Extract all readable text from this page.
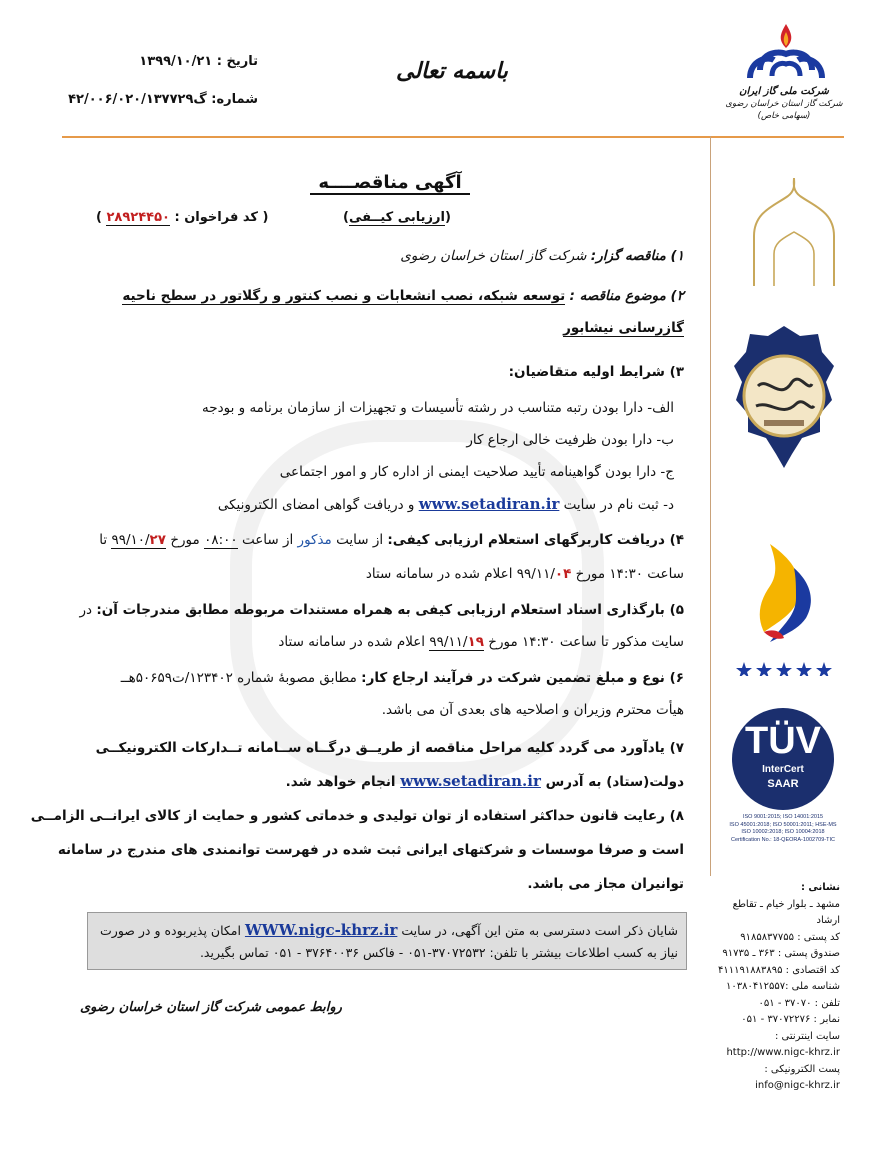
شرکت ملی گاز ایران
شرکت گاز استان خراسان رضوی (سهامی خاص)
باسمه تعالی
تاریخ : ۱۳۹۹/۱۰/۲۱
شماره: گ۴۲/۰۰۶/۰۲۰/۱۳۷۷۲۹
TÜV
InterCert
SAAR
ISO 9001:2015; ISO 14001:2015
ISO 45001:2018; ISO 50001:2011; HSE-MS
ISO 10002:2018; ISO 10004:2018
Certification No.: 18-QEORA-1002709-TIC
آگهی مناقصــــه
(ارزیابی کیــفی)
( کد فراخوان : ۲۸۹۲۴۴۵۰ )
۱) مناقصه گزار: شرکت گاز استان خراسان رضوی
۲) موضوع مناقصه : توسعه شبکه، نصب انشعابات و نصب کنتور و رگلاتور در سطح ناحیه
گازرسانی نیشابور
۳) شرایط اولیه متقاضیان:
الف- دارا بودن رتبه متناسب در رشته تأسیسات و تجهیزات از سازمان برنامه و بودجه
ب- دارا بودن ظرفیت خالی ارجاع کار
ج- دارا بودن گواهینامه تأیید صلاحیت ایمنی از اداره کار و امور اجتماعی
د- ثبت نام در سایت www.setadiran.ir و دریافت گواهی امضای الکترونیکی
۴) دریافت کاربرگهای استعلام ارزیابی کیفی: از سایت مذکور از ساعت ۰۸:۰۰ مورخ ۹۹/۱۰/۲۷ تا
ساعت ۱۴:۳۰ مورخ ۹۹/۱۱/۰۴ اعلام شده در سامانه ستاد
۵) بارگذاری اسناد استعلام ارزیابی کیفی به همراه مستندات مربوطه مطابق مندرجات آن: در
سایت مذکور تا ساعت ۱۴:۳۰ مورخ ۹۹/۱۱/۱۹ اعلام شده در سامانه ستاد
۶) نوع و مبلغ تضمین شرکت در فرآیند ارجاع کار: مطابق مصوبۀ شماره ۱۲۳۴۰۲/ت۵۰۶۵۹هــ
هیأت محترم وزیران و اصلاحیه های بعدی آن می باشد.
۷) یادآورد می گردد کلیه مراحل مناقصه از طریــق درگــاه ســامانه تــدارکات الکترونیکــی
دولت(ستاد) به آدرس www.setadiran.ir انجام خواهد شد.
۸) رعایت قانون حداکثر استفاده از توان تولیدی و خدماتی کشور و حمایت از کالای ایرانــی الزامــی
است و صرفا موسسات و شرکتهای ایرانی ثبت شده در فهرست توانمندی های مندرج در سامانه
توانیران مجاز می باشد.
شایان ذکر است دسترسی به متن این آگهی، در سایت WWW.nigc-khrz.ir امکان پذیربوده و در صورت
نیاز به کسب اطلاعات بیشتر با تلفن: ۳۷۰۷۲۵۳۲-۰۵۱ - فاکس ۳۷۶۴۰۰۳۶ - ۰۵۱ تماس بگیرید.
روابط عمومی شرکت گاز استان خراسان رضوی
نشانی :
مشهد ـ بلوار خیام ـ تقاطع ارشاد
کد پستی : ۹۱۸۵۸۳۷۷۵۵
صندوق پستی : ۳۶۳ ـ ۹۱۷۳۵
کد اقتصادی : ۴۱۱۱۹۱۸۸۳۸۹۵
شناسه ملی :۱۰۳۸۰۴۱۲۵۵۷
تلفن : ۳۷۰۷۰ - ۰۵۱
نمابر : ۳۷۰۷۲۲۷۶ - ۰۵۱
سایت اینترنتی :
http://www.nigc-khrz.ir
پست الکترونیکی :
info@nigc-khrz.ir
